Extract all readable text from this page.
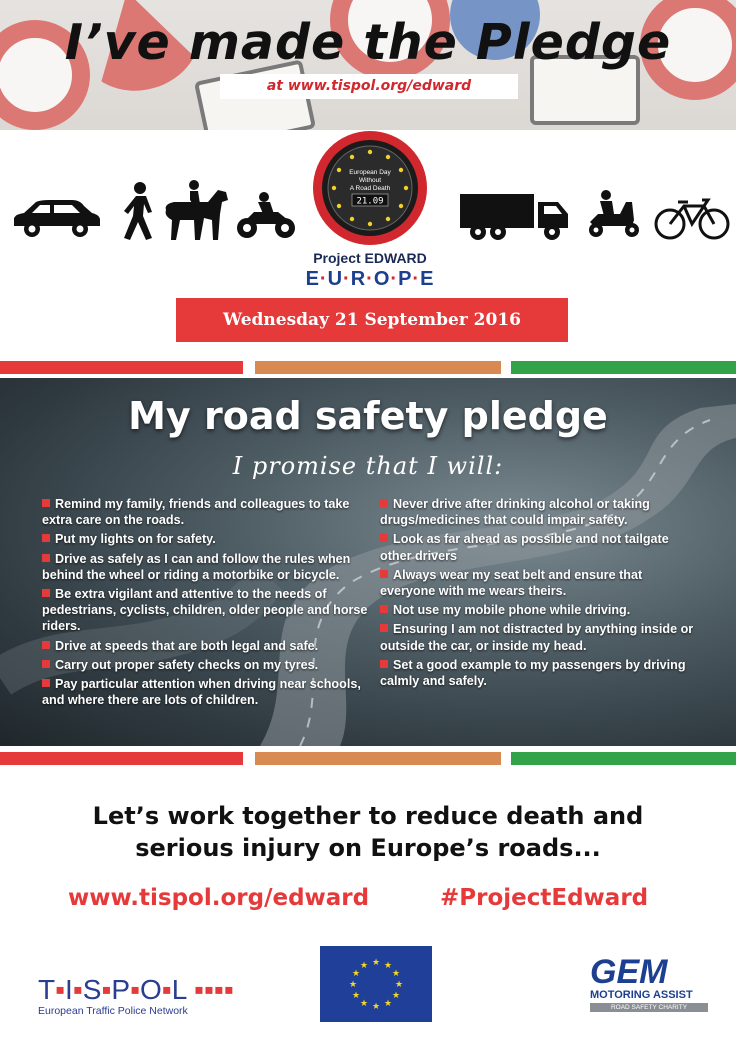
I’ve made the Pledge
at www.tispol.org/edward
European Day
Without
A Road Death
21.09
Project EDWARD
E·U·R·O·P·E
Wednesday 21 September 2016
My road safety pledge
I promise that I will:
Remind my family, friends and colleagues to take extra care on the roads.
Put my lights on for safety.
Drive as safely as I can and follow the rules when behind the wheel or riding a motorbike or bicycle.
Be extra vigilant and attentive to the needs of pedestrians, cyclists, children, older people and horse riders.
Drive at speeds that are both legal and safe.
Carry out proper safety checks on my tyres.
Pay particular attention when driving near schools, and where there are lots of children.
Never drive after drinking alcohol or taking drugs/medicines that could impair safety.
Look as far ahead as possible and not tailgate other drivers
Always wear my seat belt and ensure that everyone with me wears theirs.
Not use my mobile phone while driving.
Ensuring I am not distracted by anything inside or outside the car, or inside my head.
Set a good example to my passengers by driving calmly and safely.
Let’s work together to reduce death and
serious injury on Europe’s roads...
www.tispol.org/edward	#ProjectEdward
T▪I▪S▪P▪O▪L ▪▪▪▪
European Traffic Police Network
★ ★
★
★
★
★
★
★
★
★
★
★	GEM
MOTORING ASSIST
ROAD SAFETY CHARITY
